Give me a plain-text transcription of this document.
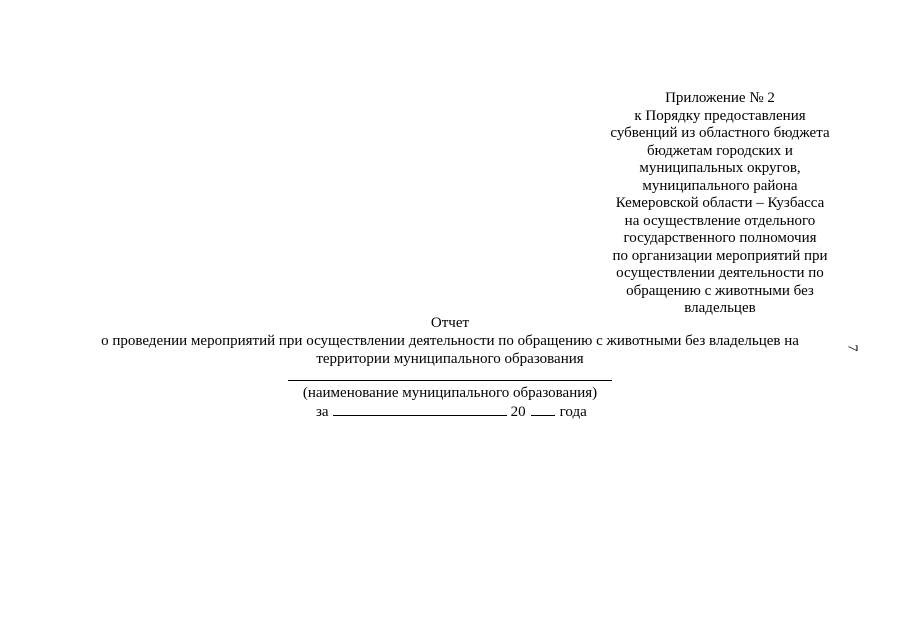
Приложение № 2
к Порядку предоставления
субвенций из областного бюджета
бюджетам городских и
муниципальных округов,
муниципального района
Кемеровской области – Кузбасса
на осуществление отдельного
государственного полномочия
по организации мероприятий при
осуществлении деятельности по
обращению с животными без
владельцев
Отчет
о проведении мероприятий при осуществлении деятельности по обращению с животными без владельцев на
территории муниципального образования
(наименование муниципального образования)
за	20 года
7
